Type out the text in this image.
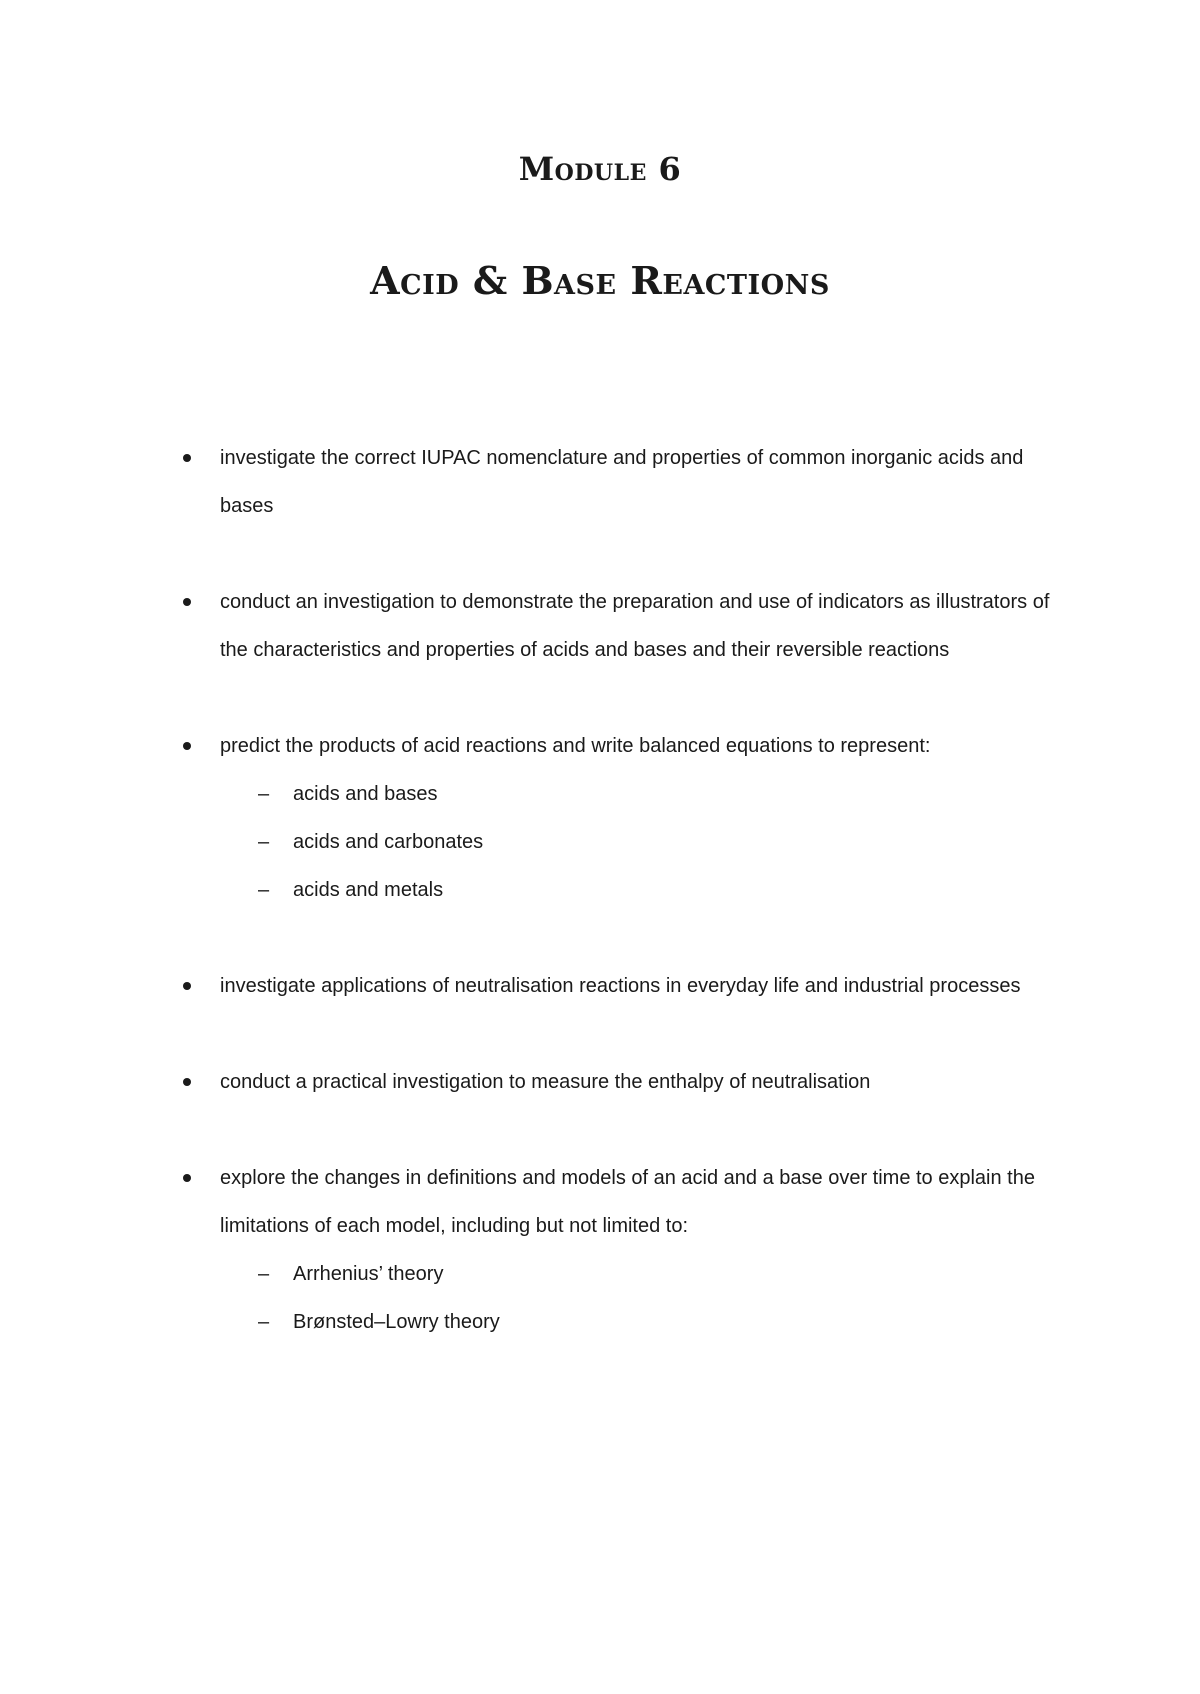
Module 6
Acid & Base Reactions
investigate the correct IUPAC nomenclature and properties of common inorganic acids and bases
conduct an investigation to demonstrate the preparation and use of indicators as illustrators of the characteristics and properties of acids and bases and their reversible reactions
predict the products of acid reactions and write balanced equations to represent:
– acids and bases
– acids and carbonates
– acids and metals
investigate applications of neutralisation reactions in everyday life and industrial processes
conduct a practical investigation to measure the enthalpy of neutralisation
explore the changes in definitions and models of an acid and a base over time to explain the limitations of each model, including but not limited to:
– Arrhenius’ theory
– Brønsted–Lowry theory
